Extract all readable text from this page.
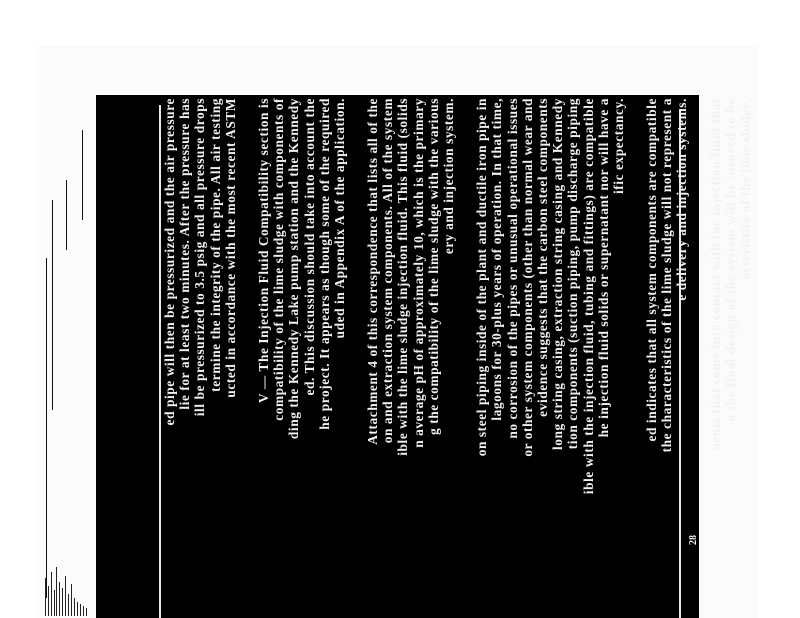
ed pipe will then be pressurized and the air pressure lie for at least two minutes. After the pressure has ill be pressurized to 3.5 psig and all pressure drops termine the integrity of the pipe. All air testing ucted in accordance with the most recent ASTM V — The Injection Fluid Compatibility section is compatibility of the lime sludge with components of ding the Kennedy Lake pump station and the Kennedy ed. This discussion should take into account the he project. It appears as though some of the required uded in Appendix A of the application. Attachment 4 of this correspondence that lists all of the on and extraction system components. All of the system ible with the lime sludge injection fluid. This fluid (solids n average pH of approximately 10, which is the primary g the compatibility of the lime sludge with the various ery and injection system. on steel piping inside of the plant and ductile iron pipe in lagoons for 30-plus years of operation. In that time, no corrosion of the pipes or unusual operational issues or other system components (other than normal wear and evidence suggests that the carbon steel components long string casing, extraction string casing and Kennedy tion components (suction piping, pump discharge piping ible with the injection fluid, tubing and fittings) are compatible he injection fluid solids or supernatant nor will have a ific expectancy. ed indicates that all system components are compatible the characteristics of the lime sludge will not represent a e delivery and injection systems. nents that come into contact with the injection fluid that o the final design of the system will be insured to be acteristics of the lime sludge.
28
